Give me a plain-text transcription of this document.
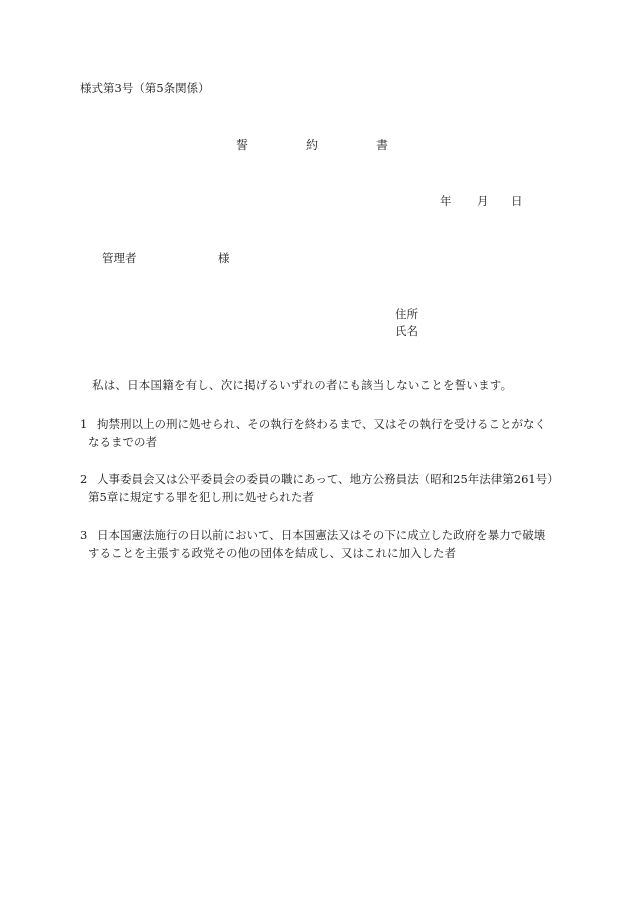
様式第3号（第5条関係）
誓	約	書
年 月 日
管理者	様
住所
氏名
私は、日本国籍を有し、次に掲げるいずれの者にも該当しないことを誓います。
1 拘禁刑以上の刑に処せられ、その執行を終わるまで、又はその執行を受けることがなく
なるまでの者
2 人事委員会又は公平委員会の委員の職にあって、地方公務員法（昭和25年法律第261号）
第5章に規定する罪を犯し刑に処せられた者
3 日本国憲法施行の日以前において、日本国憲法又はその下に成立した政府を暴力で破壊
することを主張する政党その他の団体を結成し、又はこれに加入した者
